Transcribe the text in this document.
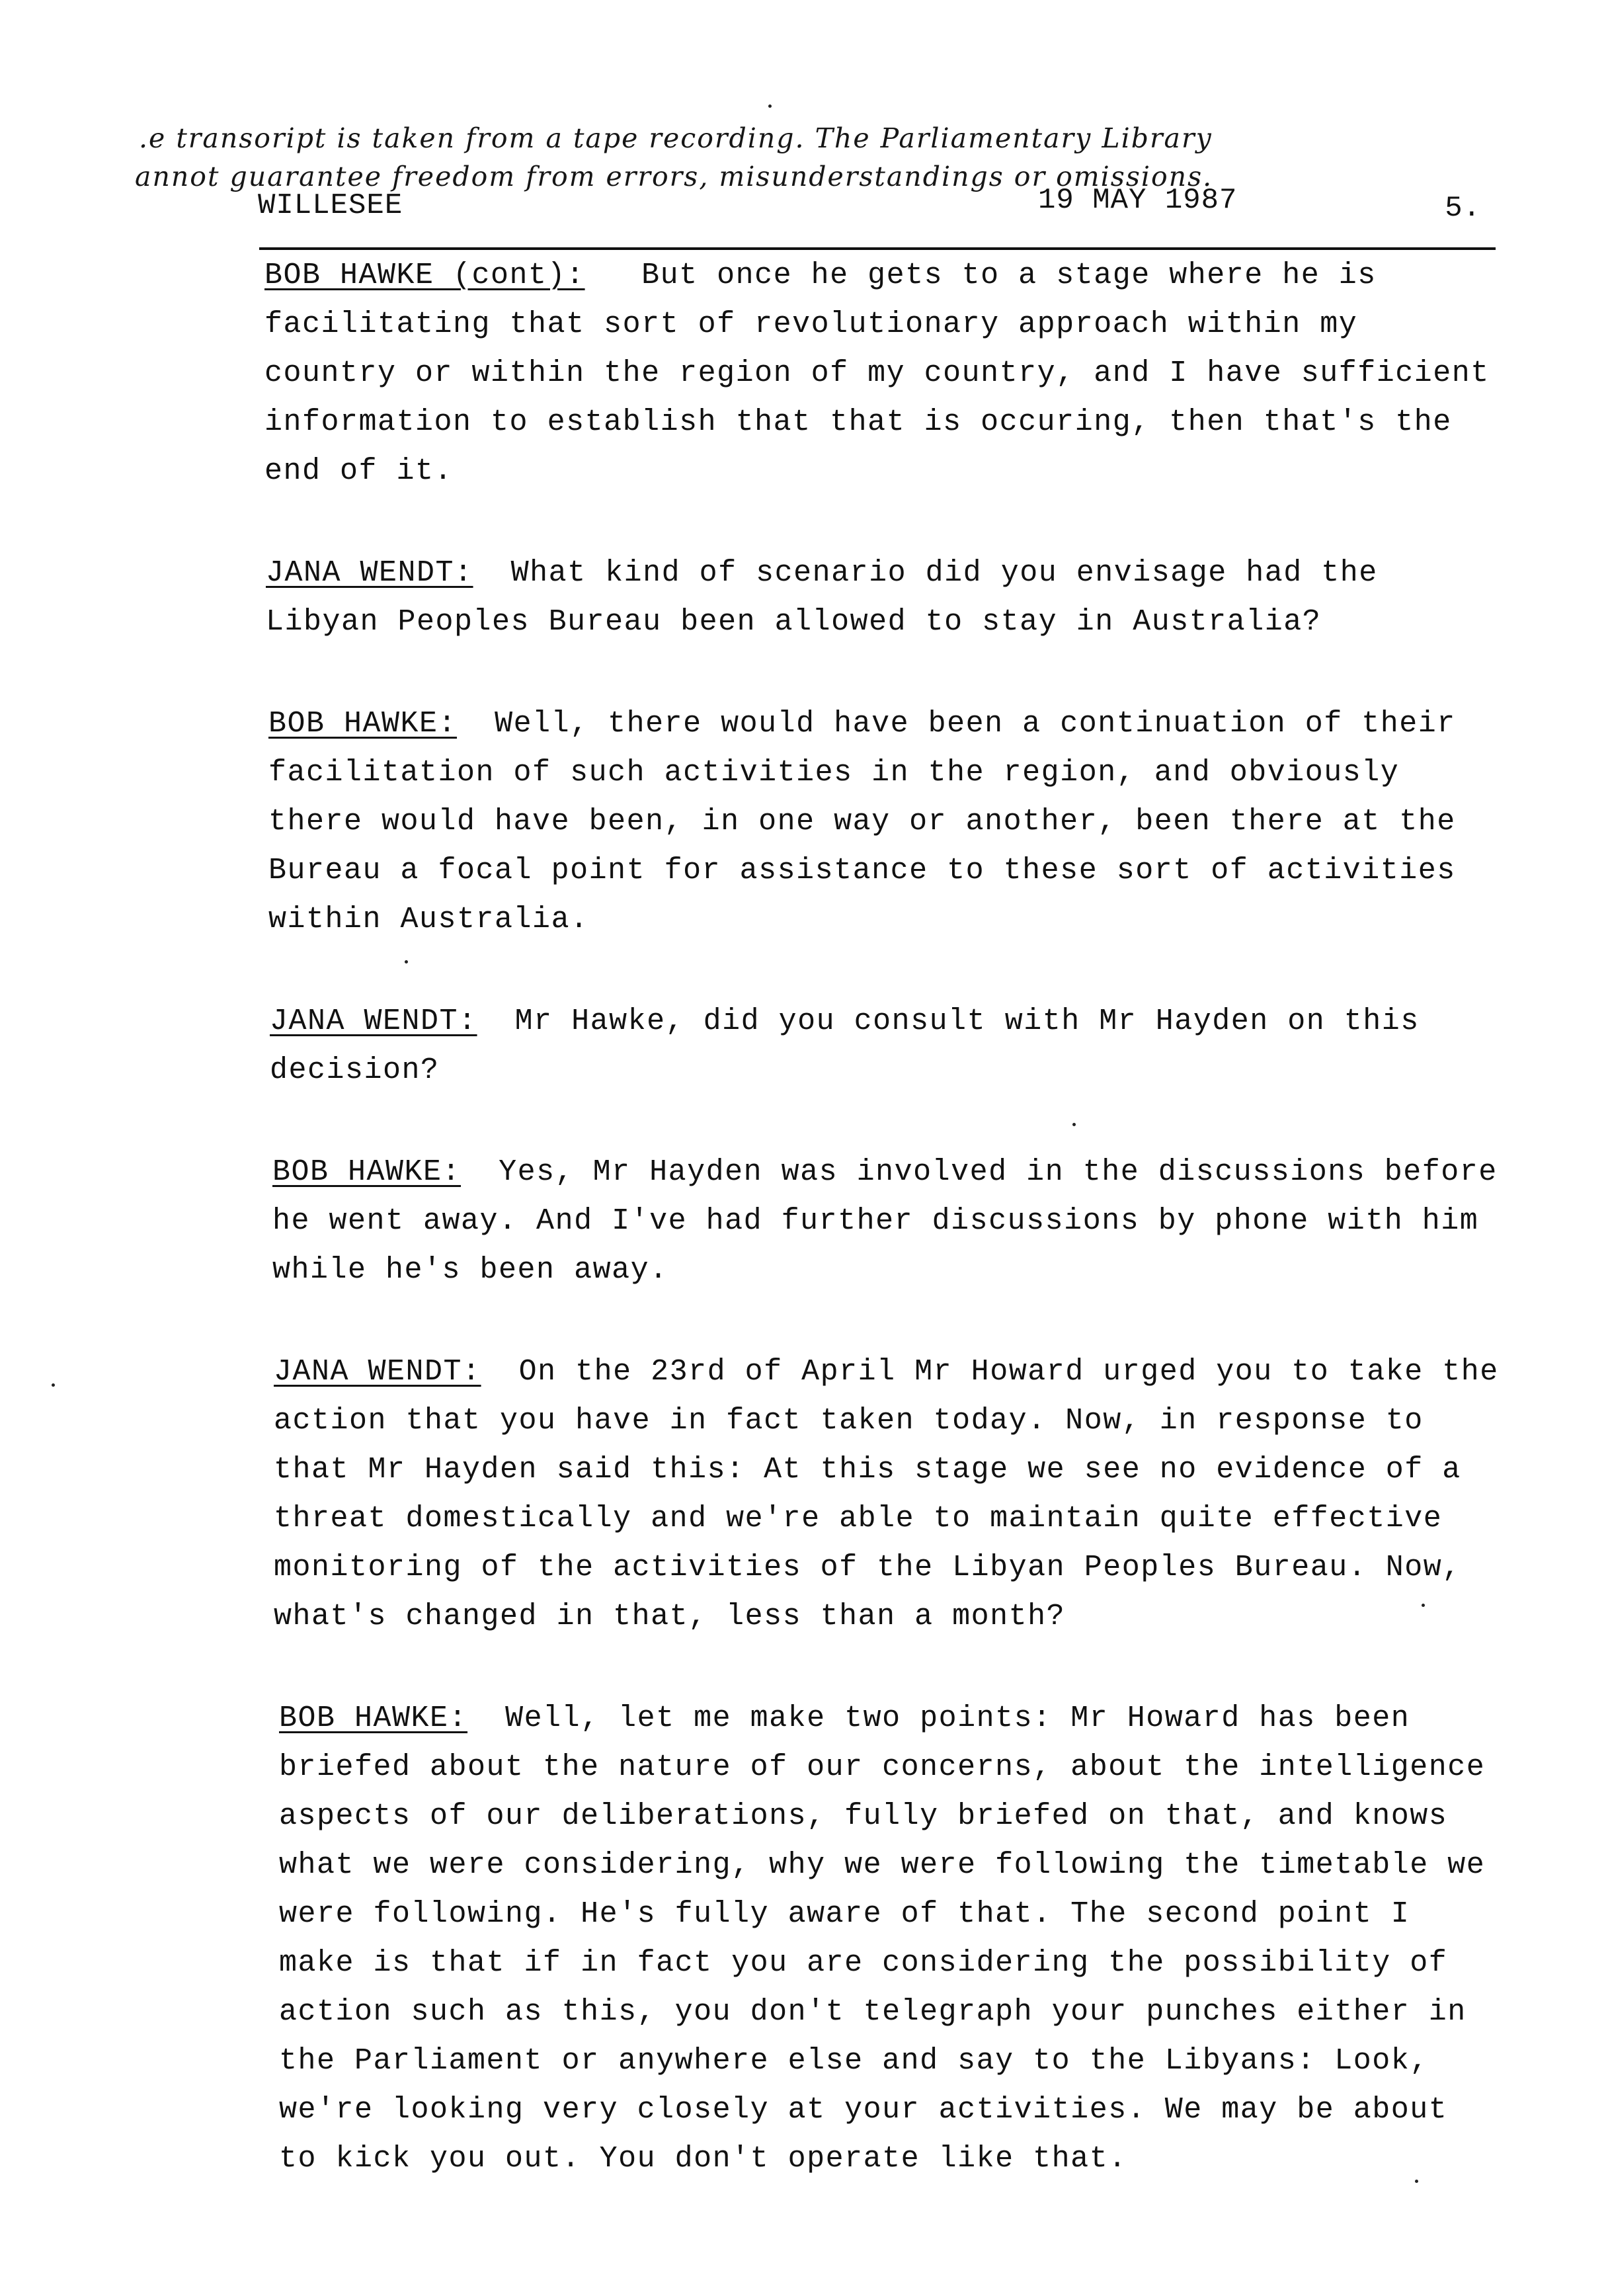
.e transoript is taken from a tape recording. The Parliamentary Library
annot guarantee freedom from errors, misunderstandings or omissions.
WILLESEE	19 MAY 1987	5.
BOB HAWKE (cont): But once he gets to a stage where he is
facilitating that sort of revolutionary approach within my
country or within the region of my country, and I have sufficient
information to establish that that is occuring, then that's the
end of it.
JANA WENDT: What kind of scenario did you envisage had the
Libyan Peoples Bureau been allowed to stay in Australia?
BOB HAWKE: Well, there would have been a continuation of their
facilitation of such activities in the region, and obviously
there would have been, in one way or another, been there at the
Bureau a focal point for assistance to these sort of activities
within Australia.
JANA WENDT: Mr Hawke, did you consult with Mr Hayden on this
decision?
BOB HAWKE: Yes, Mr Hayden was involved in the discussions before
he went away. And I've had further discussions by phone with him
while he's been away.
JANA WENDT: On the 23rd of April Mr Howard urged you to take the
action that you have in fact taken today. Now, in response to
that Mr Hayden said this: At this stage we see no evidence of a
threat domestically and we're able to maintain quite effective
monitoring of the activities of the Libyan Peoples Bureau. Now,
what's changed in that, less than a month?
BOB HAWKE: Well, let me make two points: Mr Howard has been
briefed about the nature of our concerns, about the intelligence
aspects of our deliberations, fully briefed on that, and knows
what we were considering, why we were following the timetable we
were following. He's fully aware of that. The second point I
make is that if in fact you are considering the possibility of
action such as this, you don't telegraph your punches either in
the Parliament or anywhere else and say to the Libyans: Look,
we're looking very closely at your activities. We may be about
to kick you out. You don't operate like that.
